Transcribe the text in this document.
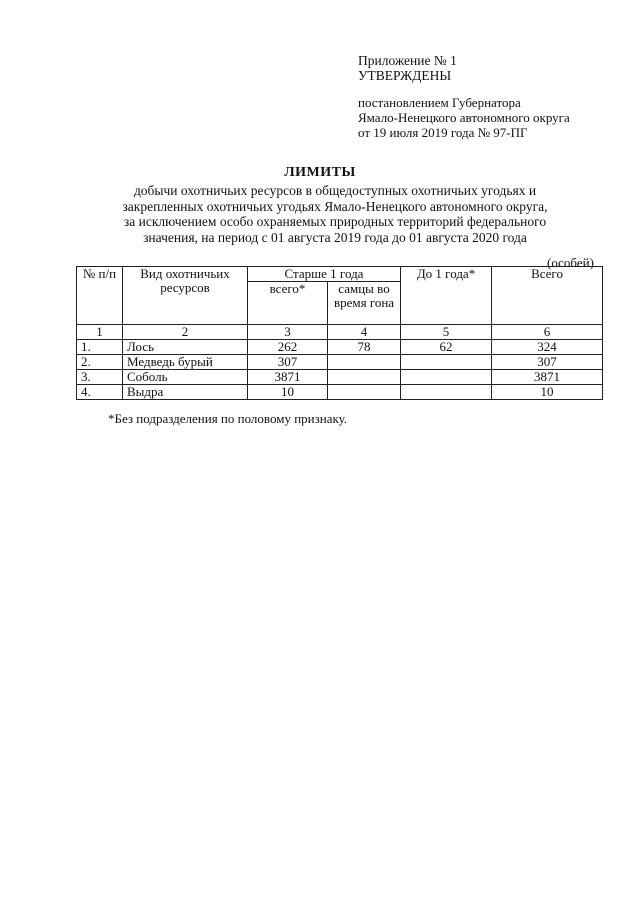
Приложение № 1
УТВЕРЖДЕНЫ
постановлением Губернатора
Ямало-Ненецкого автономного округа
от 19 июля 2019 года № 97-ПГ
ЛИМИТЫ
добычи охотничьих ресурсов в общедоступных охотничьих угодьях и
закрепленных охотничьих угодьях Ямало-Ненецкого автономного округа,
за исключением особо охраняемых природных территорий федерального
значения, на период с 01 августа 2019 года до 01 августа 2020 года
(особей)
№ п/п	Вид охотничьих ресурсов	Старше 1 года		До 1 года*	Всего
		всего*	самцы во время гона		
1	2	3	4	5	6
1.	Лось	262	78	62	324
2.	Медведь бурый	307			307
3.	Соболь	3871			3871
4.	Выдра	10			10
*Без подразделения по половому признаку.
